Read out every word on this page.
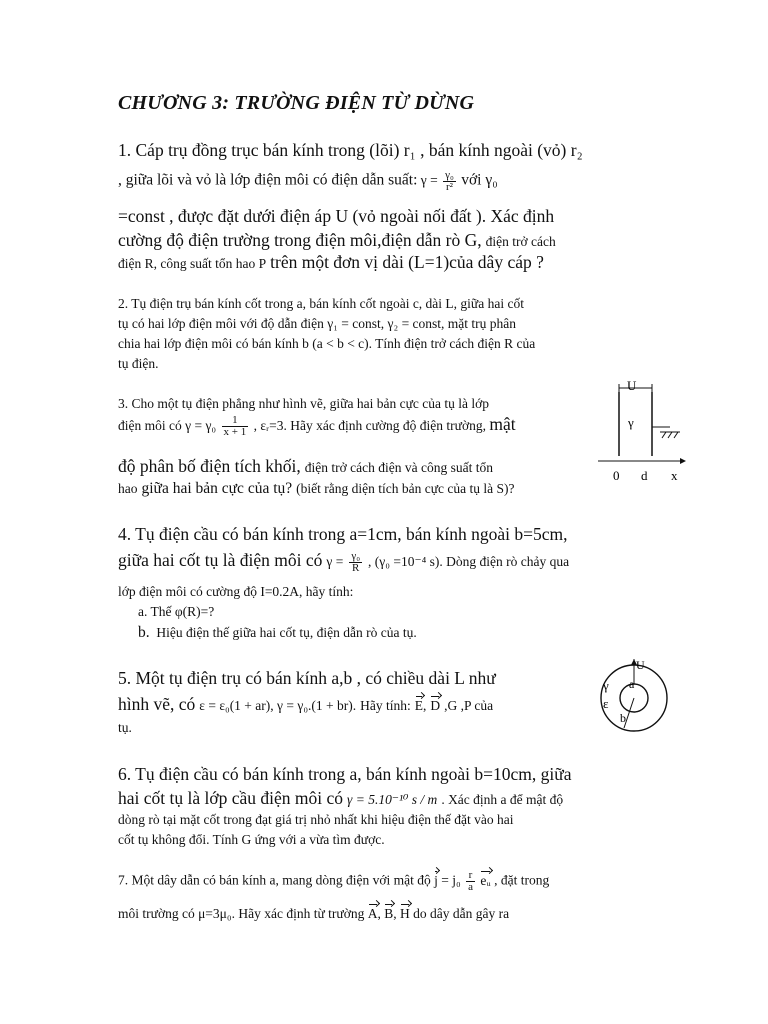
CHƯƠNG 3: TRƯỜNG ĐIỆN TỪ DỪNG
1. Cáp trụ đồng trục bán kính trong (lõi) r₁ , bán kính ngoài (vỏ) r₂
, giữa lõi và vỏ là lớp điện môi có điện dẫn suất: $\gamma = \frac{\text{γ₀}}{\text{r²}}$ với γ₀
=const , được đặt dưới điện áp U (vỏ ngoài nối đất ). Xác định
cường độ điện trường trong điện môi,điện dẫn rò G, điện trở cách
điện R, công suất tổn hao P trên một đơn vị dài (L=1)của dây cáp ?
2. Tụ điện trụ bán kính cốt trong a, bán kính cốt ngoài c, dài L, giữa hai cốt
tụ có hai lớp điện môi với độ dẫn điện γ₁ = const, γ₂ = const, mặt trụ phân
chia hai lớp điện môi có bán kính b (a < b < c). Tính điện trở cách điện R của
tụ điện.
3. Cho một tụ điện phẳng như hình vẽ, giữa hai bản cực của tụ là lớp
điện môi có $\gamma = \gamma_0 \frac{1}{x + 1}$ , εᵣ=3. Hãy xác định cường độ điện trường, mật
độ phân bố điện tích khối, điện trở cách điện và công suất tổn
hao giữa hai bản cực của tụ? (biết rằng diện tích bản cực của tụ là S)?
U
γ
0 d x
4. Tụ điện cầu có bán kính trong a=1cm, bán kính ngoài b=5cm,
giữa hai cốt tụ là điện môi có $\gamma = \frac{\text{γ₀}}{R}$ , (γ₀ =10⁻⁴ s). Dòng điện rò chảy qua
lớp điện môi có cường độ I=0.2A, hãy tính:
a. Thế φ(R)=?
b. Hiệu điện thế giữa hai cốt tụ, điện dẫn rò của tụ.
5. Một tụ điện trụ có bán kính a,b , có chiều dài L như
hình vẽ, có ε = ε₀(1 + ar), γ = γ₀.(1 + br). Hãy tính: E, D ,G ,P của
tụ.
U
a
γ
ε
b
6. Tụ điện cầu có bán kính trong a, bán kính ngoài b=10cm, giữa
hai cốt tụ là lớp cầu điện môi có γ = 5.10⁻¹⁰ s / m . Xác định a để mật độ
dòng rò tại mặt cốt trong đạt giá trị nhỏ nhất khi hiệu điện thế đặt vào hai
cốt tụ không đổi. Tính G ứng với a vừa tìm được.
7. Một dây dẫn có bán kính a, mang dòng điện với mật độ $j = j_0 \frac{r}{a}$ eᵤ , đặt trong
môi trường có μ=3μ₀. Hãy xác định từ trường A, B, H do dây dẫn gây ra
